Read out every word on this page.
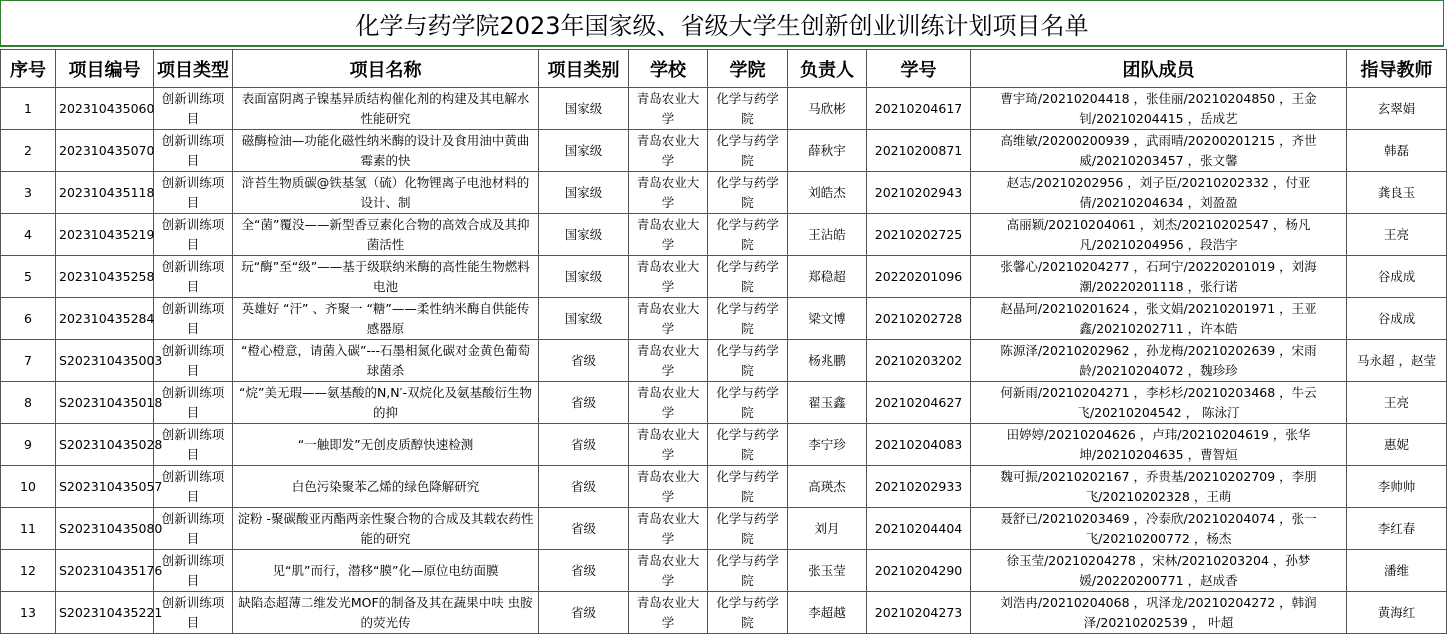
化学与药学院2023年国家级、省级大学生创新创业训练计划项目名单
序号	项目编号	项目类型	项目名称	项目类别	学校	学院	负责人	学号	团队成员	指导教师

1	202310435060	创新训练项目	表面富阴离子镍基异质结构催化剂的构建及其电解水性能研究	国家级	青岛农业大学	化学与药学院	马欣彬	20210204617	曹宇琦/20210204418 ，张佳丽/20210204850 ，王金钊/20210204415 ，岳成艺	玄翠娟

2	202310435070	创新训练项目	磁酶检油—功能化磁性纳米酶的设计及食用油中黄曲霉素的快	国家级	青岛农业大学	化学与药学院	薛秋宇	20210200871	高维敏/20200200939 ，武雨晴/20200201215 ，齐世威/20210203457 ，张文馨	韩磊

3	202310435118	创新训练项目	浒苔生物质碳@铁基氢（硫）化物锂离子电池材料的设计、制	国家级	青岛农业大学	化学与药学院	刘皓杰	20210202943	赵志/20210202956 ，刘子臣/20210202332 ，付亚倩/20210204634 ，刘盈盈	龚良玉

4	202310435219	创新训练项目	全“菌”覆没——新型香豆素化合物的高效合成及其抑菌活性	国家级	青岛农业大学	化学与药学院	王沾皓	20210202725	高丽颖/20210204061 ，刘杰/20210202547 ，杨凡凡/20210204956 ，段浩宇	王亮

5	202310435258	创新训练项目	玩“酶”至“级”——基于级联纳米酶的高性能生物燃料电池	国家级	青岛农业大学	化学与药学院	郑稳超	20220201096	张馨心/20210204277 ，石珂宁/20220201019 ，刘海潮/20220201118 ，张行诺	谷成成

6	202310435284	创新训练项目	英雄好 “汗” 、齐聚一 “糖”——柔性纳米酶自供能传感器原	国家级	青岛农业大学	化学与药学院	梁文博	20210202728	赵晶珂/20210201624 ，张文娟/20210201971 ，王亚鑫/20210202711 ，许本皓	谷成成

7	S202310435003	创新训练项目	“橙心橙意，请菌入碳”---石墨相氮化碳对金黄色葡萄球菌杀	省级	青岛农业大学	化学与药学院	杨兆鹏	20210203202	陈源泽/20210202962 ，孙龙梅/20210202639 ，宋雨龄/20210204072 ，魏珍珍	马永超 ，赵莹

8	S202310435018	创新训练项目	“烷”美无瑕——氨基酸的N,N′-双烷化及氨基酸衍生物的抑	省级	青岛农业大学	化学与药学院	翟玉鑫	20210204627	何新雨/20210204271 ，李杉杉/20210203468 ，牛云飞/20210204542 ， 陈泳汀	王亮

9	S202310435028	创新训练项目	“一触即发”无创皮质醇快速检测	省级	青岛农业大学	化学与药学院	李宁珍	20210204083	田婷婷/20210204626 ，卢玮/20210204619 ，张华坤/20210204635 ，曹智烜	惠妮

10	S202310435057	创新训练项目	白色污染聚苯乙烯的绿色降解研究	省级	青岛农业大学	化学与药学院	高瑛杰	20210202933	魏可振/20210202167 ，乔贵基/20210202709 ，李朋飞/20210202328 ，王萌	李帅帅

11	S202310435080	创新训练项目	淀粉 -聚碳酸亚丙酯两亲性聚合物的合成及其载农药性能的研究	省级	青岛农业大学	化学与药学院	刘月	20210204404	聂舒已/20210203469 ，冷泰欣/20210204074 ，张一飞/20210200772 ，杨杰	李红春

12	S202310435176	创新训练项目	见“肌”而行，潜移“膜”化—原位电纺面膜	省级	青岛农业大学	化学与药学院	张玉莹	20210204290	徐玉莹/20210204278 ，宋林/20210203204 ，孙梦媛/20220200771 ，赵成香	潘维

13	S202310435221	创新训练项目	缺陷态超薄二维发光MOF的制备及其在蔬果中呋 虫胺的荧光传	省级	青岛农业大学	化学与药学院	李超越	20210204273	刘浩冉/20210204068 ，巩泽龙/20210204272 ，韩润泽/20210202539 ， 叶超	黄海红
